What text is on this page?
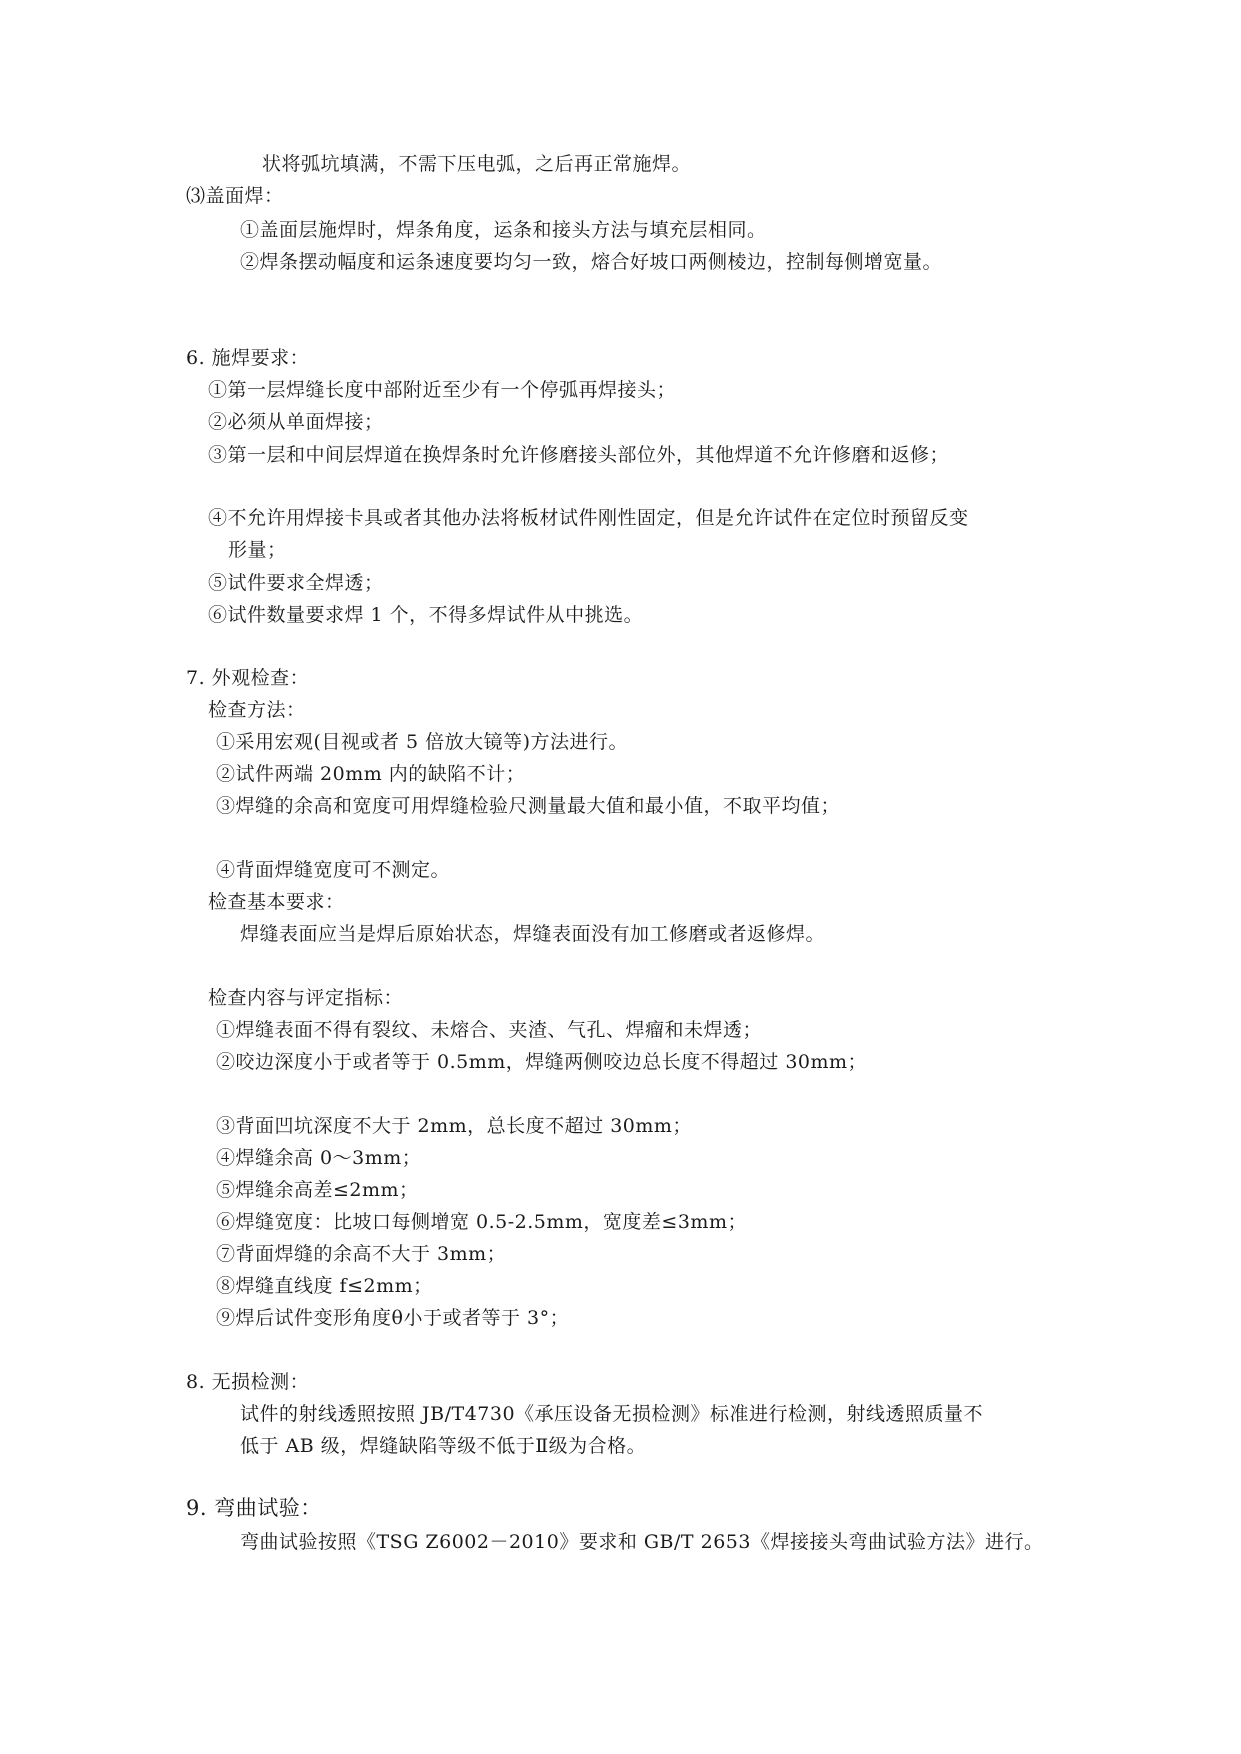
状将弧坑填满，不需下压电弧，之后再正常施焊。
⑶盖面焊：
①盖面层施焊时，焊条角度，运条和接头方法与填充层相同。
②焊条摆动幅度和运条速度要均匀一致，熔合好坡口两侧棱边，控制每侧增宽量。
6. 施焊要求：
①第一层焊缝长度中部附近至少有一个停弧再焊接头；
②必须从单面焊接；
③第一层和中间层焊道在换焊条时允许修磨接头部位外，其他焊道不允许修磨和返修；
④不允许用焊接卡具或者其他办法将板材试件刚性固定，但是允许试件在定位时预留反变
形量；
⑤试件要求全焊透；
⑥试件数量要求焊 1 个，不得多焊试件从中挑选。
7. 外观检查：
检查方法：
①采用宏观(目视或者 5 倍放大镜等)方法进行。
②试件两端 20mm 内的缺陷不计；
③焊缝的余高和宽度可用焊缝检验尺测量最大值和最小值，不取平均值；
④背面焊缝宽度可不测定。
检查基本要求：
焊缝表面应当是焊后原始状态，焊缝表面没有加工修磨或者返修焊。
检查内容与评定指标：
①焊缝表面不得有裂纹、未熔合、夹渣、气孔、焊瘤和未焊透；
②咬边深度小于或者等于 0.5mm，焊缝两侧咬边总长度不得超过 30mm；
③背面凹坑深度不大于 2mm，总长度不超过 30mm；
④焊缝余高 0～3mm；
⑤焊缝余高差≤2mm；
⑥焊缝宽度：比坡口每侧增宽 0.5-2.5mm，宽度差≤3mm；
⑦背面焊缝的余高不大于 3mm；
⑧焊缝直线度 f≤2mm；
⑨焊后试件变形角度θ小于或者等于 3°；
8. 无损检测：
试件的射线透照按照 JB/T4730《承压设备无损检测》标准进行检测，射线透照质量不
低于 AB 级，焊缝缺陷等级不低于Ⅱ级为合格。
9. 弯曲试验：
弯曲试验按照《TSG Z6002－2010》要求和 GB/T 2653《焊接接头弯曲试验方法》进行。
